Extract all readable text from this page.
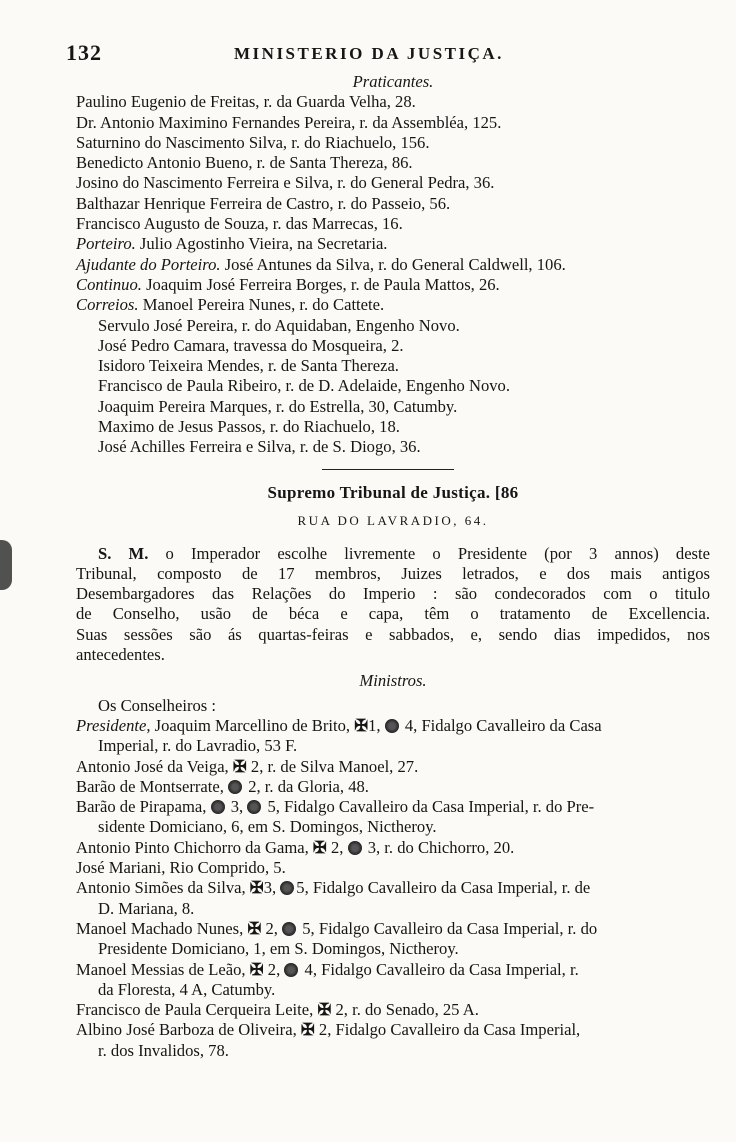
132	MINISTERIO DA JUSTIÇA.
Praticantes.
Paulino Eugenio de Freitas, r. da Guarda Velha, 28.
Dr. Antonio Maximino Fernandes Pereira, r. da Assembléa, 125.
Saturnino do Nascimento Silva, r. do Riachuelo, 156.
Benedicto Antonio Bueno, r. de Santa Thereza, 86.
Josino do Nascimento Ferreira e Silva, r. do General Pedra, 36.
Balthazar Henrique Ferreira de Castro, r. do Passeio, 56.
Francisco Augusto de Souza, r. das Marrecas, 16.
Porteiro. Julio Agostinho Vieira, na Secretaria.
Ajudante do Porteiro. José Antunes da Silva, r. do General Caldwell, 106.
Continuo. Joaquim José Ferreira Borges, r. de Paula Mattos, 26.
Correios. Manoel Pereira Nunes, r. do Cattete.
Servulo José Pereira, r. do Aquidaban, Engenho Novo.
José Pedro Camara, travessa do Mosqueira, 2.
Isidoro Teixeira Mendes, r. de Santa Thereza.
Francisco de Paula Ribeiro, r. de D. Adelaide, Engenho Novo.
Joaquim Pereira Marques, r. do Estrella, 30, Catumby.
Maximo de Jesus Passos, r. do Riachuelo, 18.
José Achilles Ferreira e Silva, r. de S. Diogo, 36.
Supremo Tribunal de Justiça. [86
RUA DO LAVRADIO, 64.
S. M. o Imperador escolhe livremente o Presidente (por 3 annos) deste
Tribunal, composto de 17 membros, Juizes letrados, e dos mais antigos
Desembargadores das Relações do Imperio : são condecorados com o titulo
de Conselho, usão de béca e capa, têm o tratamento de Excellencia.
Suas sessões são ás quartas-feiras e sabbados, e, sendo dias impedidos, nos
antecedentes.
Ministros.
Os Conselheiros :
Presidente, Joaquim Marcellino de Brito, ✠1,  4, Fidalgo Cavalleiro da Casa
Imperial, r. do Lavradio, 53 F.
Antonio José da Veiga, ✠ 2, r. de Silva Manoel, 27.
Barão de Montserrate,  2, r. da Gloria, 48.
Barão de Pirapama,  3,  5, Fidalgo Cavalleiro da Casa Imperial, r. do Pre-
sidente Domiciano, 6, em S. Domingos, Nictheroy.
Antonio Pinto Chichorro da Gama, ✠ 2,  3, r. do Chichorro, 20.
José Mariani, Rio Comprido, 5.
Antonio Simões da Silva, ✠3, 5, Fidalgo Cavalleiro da Casa Imperial, r. de
D. Mariana, 8.
Manoel Machado Nunes, ✠ 2,  5, Fidalgo Cavalleiro da Casa Imperial, r. do
Presidente Domiciano, 1, em S. Domingos, Nictheroy.
Manoel Messias de Leão, ✠ 2,  4, Fidalgo Cavalleiro da Casa Imperial, r.
da Floresta, 4 A, Catumby.
Francisco de Paula Cerqueira Leite, ✠ 2, r. do Senado, 25 A.
Albino José Barboza de Oliveira, ✠ 2, Fidalgo Cavalleiro da Casa Imperial,
r. dos Invalidos, 78.
